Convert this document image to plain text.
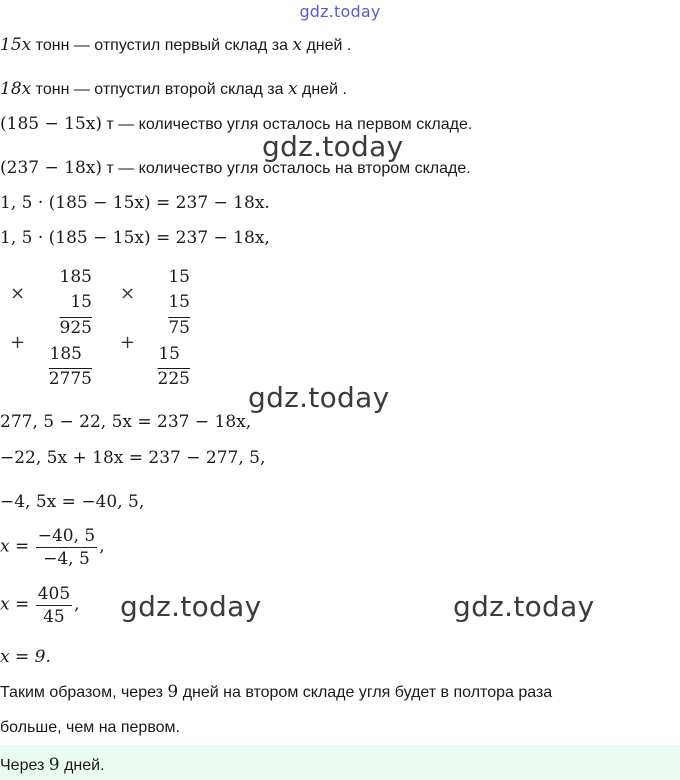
gdz.today
15x тонн — отпустил первый склад за x дней .
18x тонн — отпустил второй склад за x дней .
(185 − 15x) т — количество угля осталось на первом складе.
(237 − 18x) т — количество угля осталось на втором складе.
1, 5 · (185 − 15x) = 237 − 18x.
1, 5 · (185 − 15x) = 237 − 18x,
×
185
15
925
+
185
2775
×
15
15
75
+
15
225
277, 5 − 22, 5x = 237 − 18x,
−22, 5x + 18x = 237 − 277, 5,
−4, 5x = −40, 5,
$x = \frac{-40, 5}{-4, 5}$ ,
$x = \frac{405}{45}$ ,
x = 9.
Таким образом, через 9 дней на втором складе угля будет в полтора раза
больше, чем на первом.
Через 9 дней.
gdz.today
gdz.today
gdz.today	gdz.today
